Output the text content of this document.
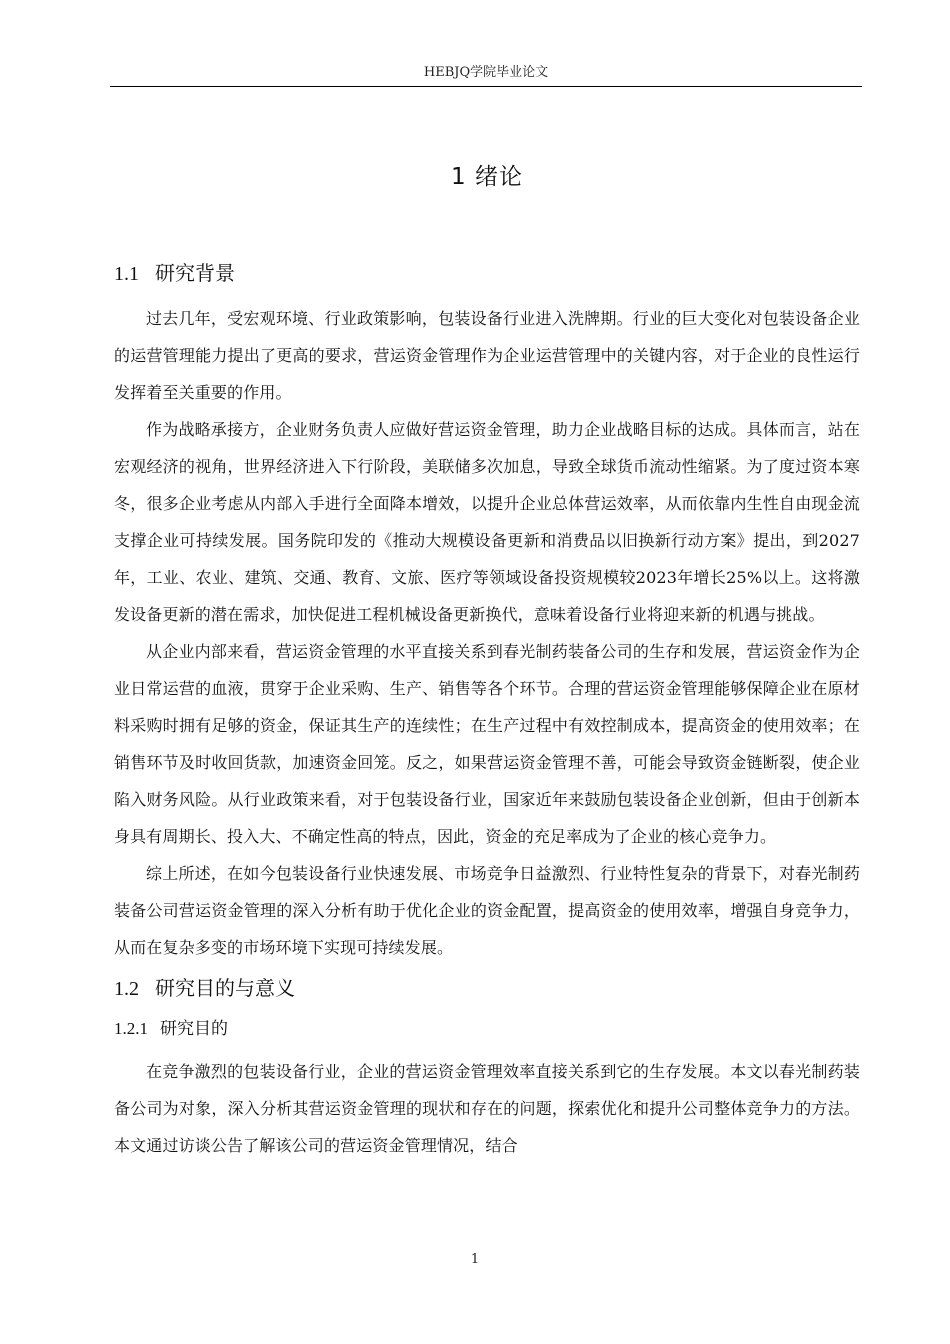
HEBJQ学院毕业论文
1 绪论
1.1 研究背景

过去几年，受宏观环境、行业政策影响，包装设备行业进入洗牌期。行业的巨大变化对包装设备企业的运营管理能力提出了更高的要求，营运资金管理作为企业运营管理中的关键内容，对于企业的良性运行发挥着至关重要的作用。

作为战略承接方，企业财务负责人应做好营运资金管理，助力企业战略目标的达成。具体而言，站在宏观经济的视角，世界经济进入下行阶段，美联储多次加息，导致全球货币流动性缩紧。为了度过资本寒冬，很多企业考虑从内部入手进行全面降本增效，以提升企业总体营运效率，从而依靠内生性自由现金流支撑企业可持续发展。国务院印发的《推动大规模设备更新和消费品以旧换新行动方案》提出，到2027年，工业、农业、建筑、交通、教育、文旅、医疗等领域设备投资规模较2023年增长25%以上。这将激发设备更新的潜在需求，加快促进工程机械设备更新换代，意味着设备行业将迎来新的机遇与挑战。

从企业内部来看，营运资金管理的水平直接关系到春光制药装备公司的生存和发展，营运资金作为企业日常运营的血液，贯穿于企业采购、生产、销售等各个环节。合理的营运资金管理能够保障企业在原材料采购时拥有足够的资金，保证其生产的连续性；在生产过程中有效控制成本，提高资金的使用效率；在销售环节及时收回货款，加速资金回笼。反之，如果营运资金管理不善，可能会导致资金链断裂，使企业陷入财务风险。从行业政策来看，对于包装设备行业，国家近年来鼓励包装设备企业创新，但由于创新本身具有周期长、投入大、不确定性高的特点，因此，资金的充足率成为了企业的核心竞争力。

综上所述，在如今包装设备行业快速发展、市场竞争日益激烈、行业特性复杂的背景下，对春光制药装备公司营运资金管理的深入分析有助于优化企业的资金配置，提高资金的使用效率，增强自身竞争力，从而在复杂多变的市场环境下实现可持续发展。

1.2 研究目的与意义
1.2.1 研究目的

在竞争激烈的包装设备行业，企业的营运资金管理效率直接关系到它的生存发展。本文以春光制药装备公司为对象，深入分析其营运资金管理的现状和存在的问题，探索优化和提升公司整体竞争力的方法。本文通过访谈公告了解该公司的营运资金管理情况，结合

1
